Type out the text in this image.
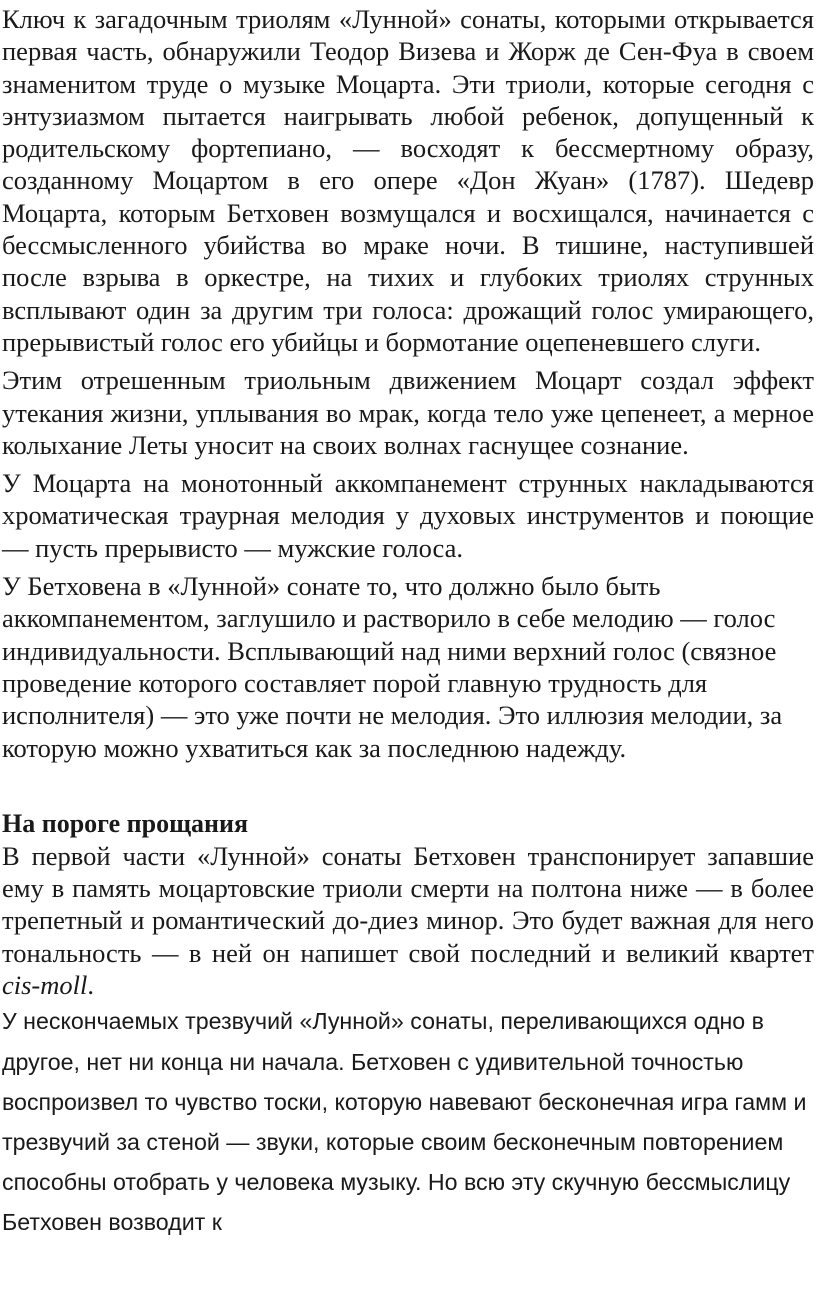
Ключ к загадочным триолям «Лунной» сонаты, которыми открывается первая часть, обнаружили Теодор Визева и Жорж де Сен-Фуа в своем знаменитом труде о музыке Моцарта. Эти триоли, которые сегодня с энтузиазмом пытается наигрывать любой ребенок, допущенный к родительскому фортепиано, — восходят к бессмертному образу, созданному Моцартом в его опере «Дон Жуан» (1787). Шедевр Моцарта, которым Бетховен возмущался и восхищался, начинается с бессмысленного убийства во мраке ночи. В тишине, наступившей после взрыва в оркестре, на тихих и глубоких триолях струнных всплывают один за другим три голоса: дрожащий голос умирающего, прерывистый голос его убийцы и бормотание оцепеневшего слуги.

Этим отрешенным триольным движением Моцарт создал эффект утекания жизни, уплывания во мрак, когда тело уже цепенеет, а мерное колыхание Леты уносит на своих волнах гаснущее сознание.

У Моцарта на монотонный аккомпанемент струнных накладываются хроматическая траурная мелодия у духовых инструментов и поющие — пусть прерывисто — мужские голоса.

У Бетховена в «Лунной» сонате то, что должно было быть аккомпанементом, заглушило и растворило в себе мелодию — голос индивидуальности. Всплывающий над ними верхний голос (связное проведение которого составляет порой главную трудность для исполнителя) — это уже почти не мелодия. Это иллюзия мелодии, за которую можно ухватиться как за последнюю надежду.

На пороге прощания

В первой части «Лунной» сонаты Бетховен транспонирует запавшие ему в память моцартовские триоли смерти на полтона ниже — в более трепетный и романтический до-диез минор. Это будет важная для него тональность — в ней он напишет свой последний и великий квартет cis-moll.

У нескончаемых трезвучий «Лунной» сонаты, переливающихся одно в другое, нет ни конца ни начала. Бетховен с удивительной точностью воспроизвел то чувство тоски, которую навевают бесконечная игра гамм и трезвучий за стеной — звуки, которые своим бесконечным повторением способны отобрать у человека музыку. Но всю эту скучную бессмыслицу Бетховен возводит к
